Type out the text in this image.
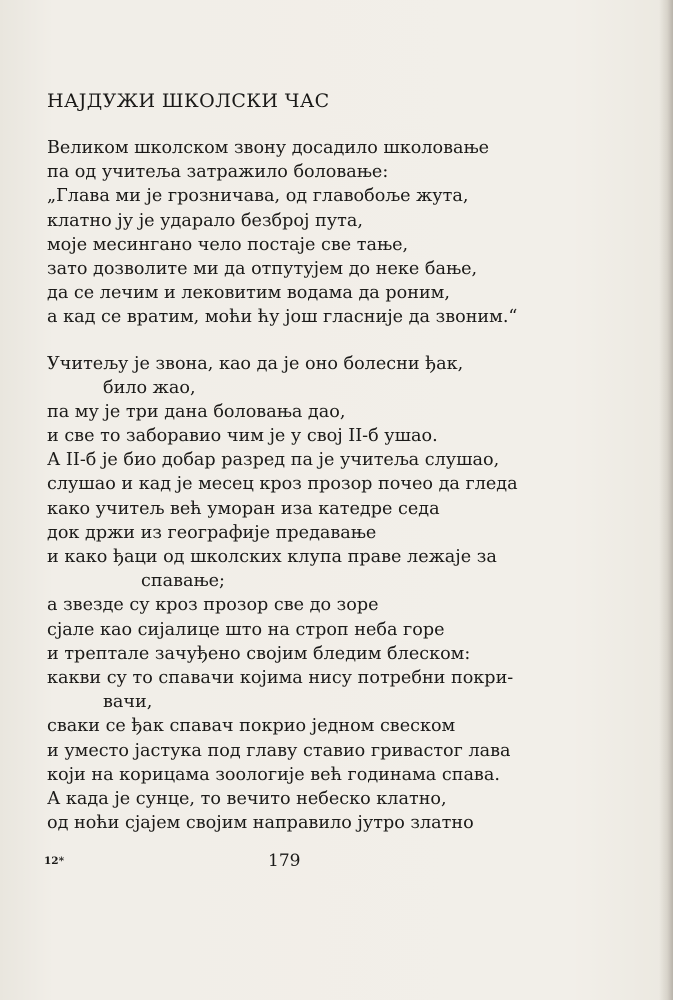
НАЈДУЖИ ШКОЛСКИ ЧАС
Великом школском звону досадило школовање
па од учитеља затражило боловање:
„Глава ми је грозничава, од главобоље жута,
клатно ју је ударало безброј пута,
моје месингано чело постаје све тање,
зато дозволите ми да отпутујем до неке бање,
да се лечим и лековитим водама да роним,
а кад се вратим, моћи ћу још гласније да звоним.“
Учитељу је звона, као да је оно болесни ђак,
било жао,
па му је три дана боловања дао,
и све то заборавио чим је у свој II-б ушао.
А II-б је био добар разред па је учитеља слушао,
слушао и кад је месец кроз прозор почео да гледа
како учитељ већ уморан иза катедре седа
док држи из географије предавање
и како ђаци од школских клупа праве лежаје за
спавање;
а звезде су кроз прозор све до зоре
сјале као сијалице што на строп неба горе
и трептале зачуђено својим бледим блеском:
какви су то спавачи којима нису потребни покри-
вачи,
сваки се ђак спавач покрио једном свеском
и уместо јастука под главу ставио гривастог лава
који на корицама зоологије већ годинама спава.
А када је сунце, то вечито небеско клатно,
од ноћи сјајем својим направило јутро златно
12*	179
